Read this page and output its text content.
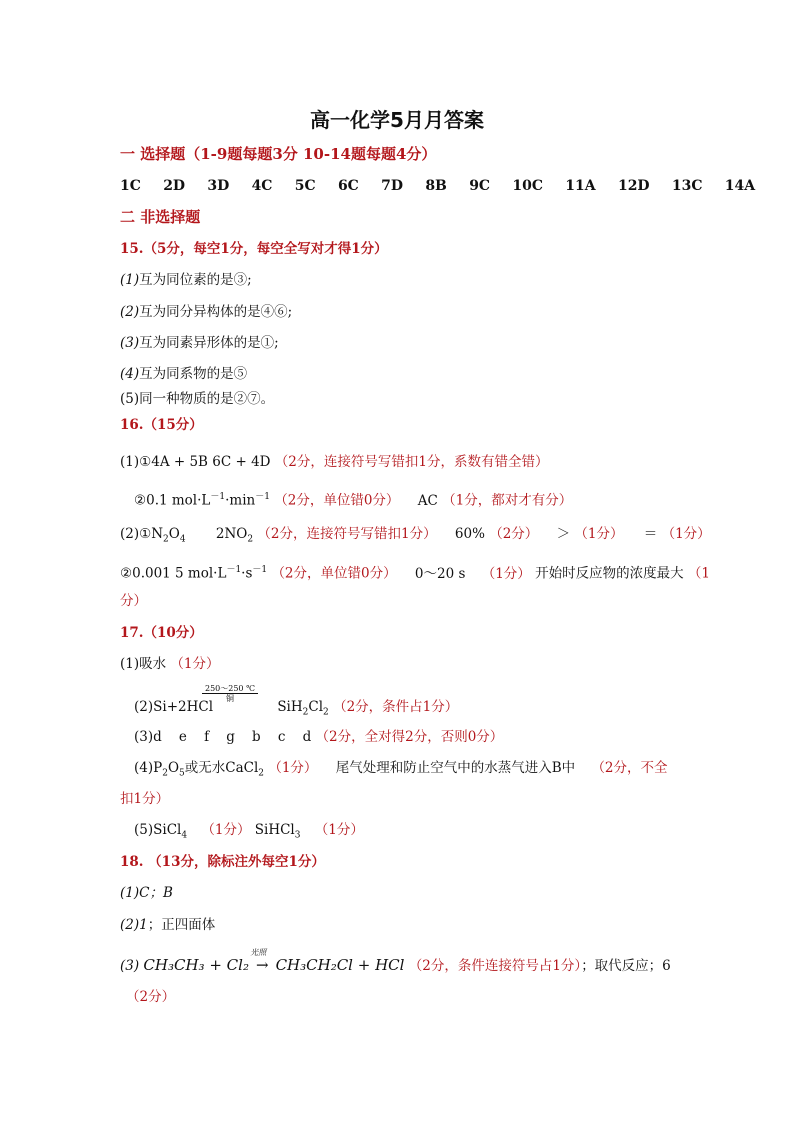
高一化学5月月答案
一 选择题（1-9题每题3分 10-14题每题4分）
1C 2D 3D 4C 5C 6C 7D 8B 9C 10C 11A 12D 13C 14A
二 非选择题
15.（5分，每空1分，每空全写对才得1分）
(1)互为同位素的是③;
(2)互为同分异构体的是④⑥;
(3)互为同素异形体的是①;
(4)互为同系物的是⑤
(5)同一种物质的是②⑦。
16.（15分）
(1)①4A + 5B 6C + 4D （2分，连接符号写错扣1分，系数有错全错）
②0.1 $mol\cdot L^{-1}\cdot\min^{-1}$ （2分，单位错0分） AC （1分，都对才有分）
$(2)①N_2O_4$ $2NO_2$ （2分，连接符号写错扣1分） 60% （2分） ＞ （1分） ＝ （1分）
②0.001 5 $mol\cdot L^{-1}\cdot s^{-1}$ （2分，单位错0分） 0～20 s （1分） 开始时反应物的浓度最大 （1
分）
17.（10分）
(1)吸水 （1分）
250～250 ℃
铜
(2)Si+2HCl	$SiH_2Cl_2$ （2分，条件占1分）
(3)d    e    f    g    b    c    d （2分，全对得2分，否则0分）
$(4)P_2O_5$或无水CaCl$_2$ （1分） 尾气处理和防止空气中的水蒸气进入B中 （2分，不全
扣1分）
(5)SiCl$_4$ （1分） SiHCl$_3$ （1分）
18. （13分，除标注外每空1分）
(1)C；B
(2)1；正四面体
(3) CH₃CH₃ + Cl₂
光照
→ CH₃CH₂Cl + HCl （2分，条件连接符号占1分）；取代反应；6
（2分）
